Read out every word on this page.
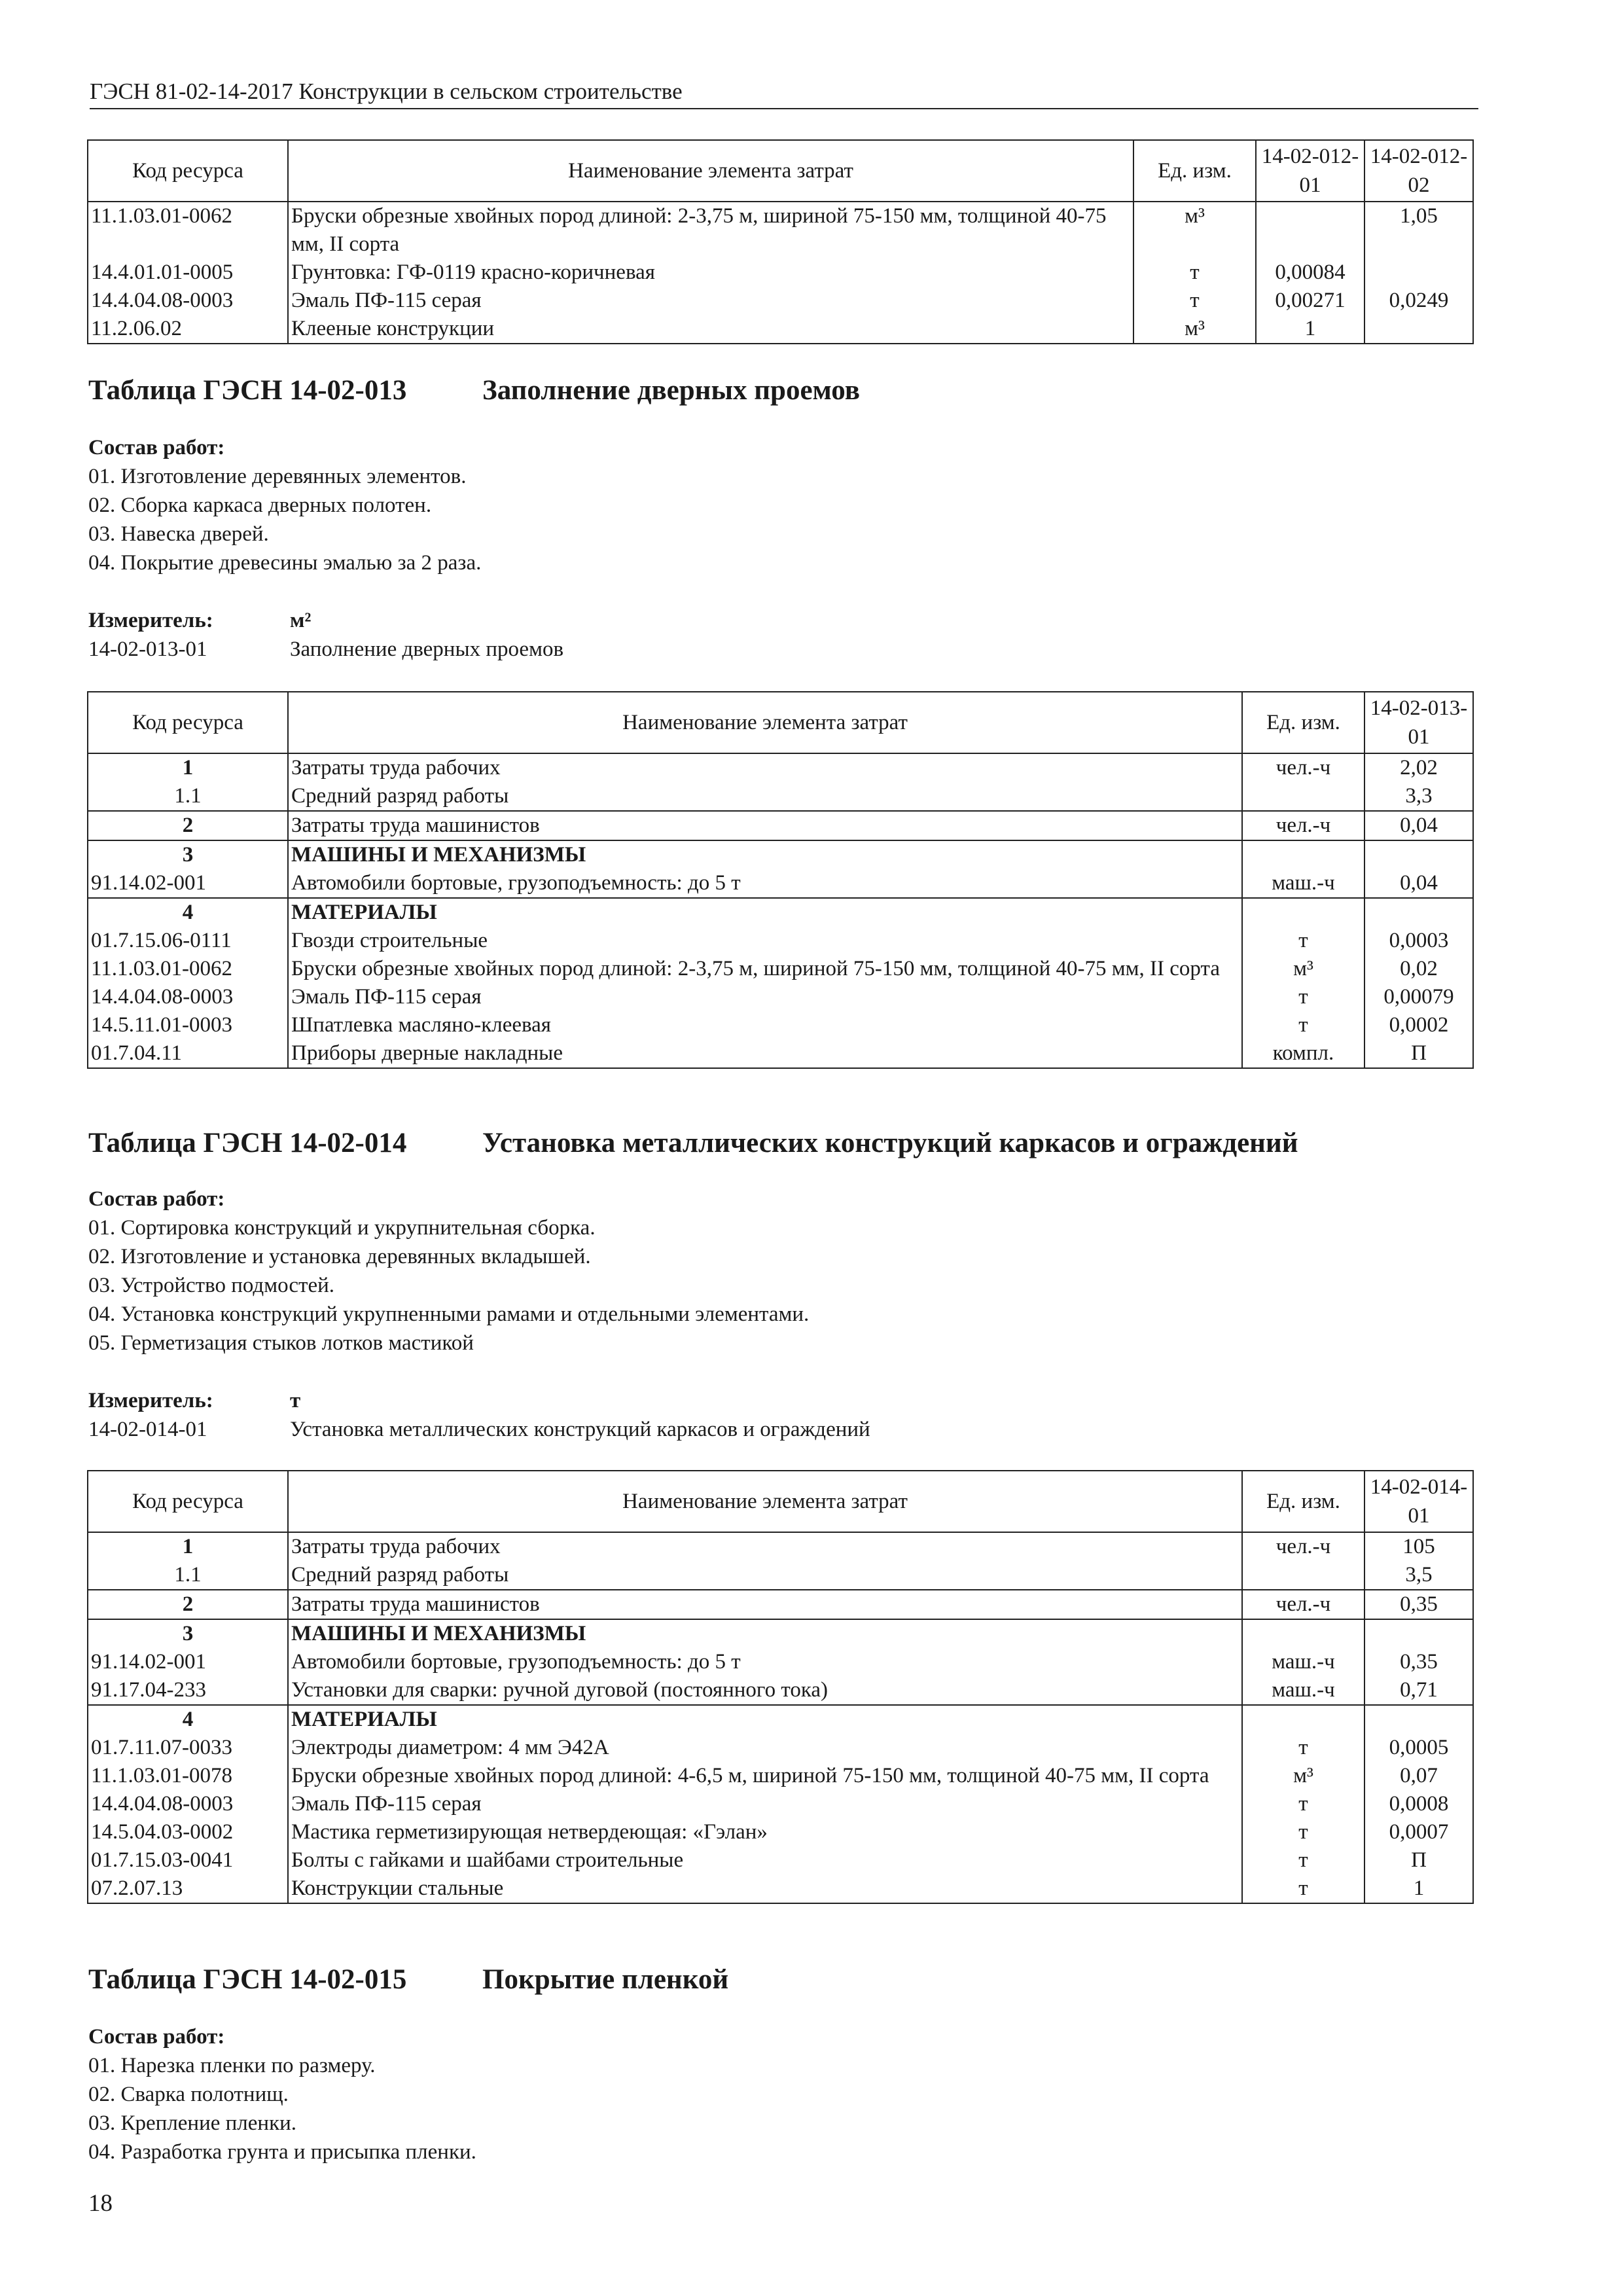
ГЭСН 81-02-14-2017 Конструкции в сельском строительстве
Код ресурса	Наименование элемента затрат	Ед. изм.	14-02-012-01	14-02-012-02
11.1.03.01-0062	Бруски обрезные хвойных пород длиной: 2-3,75 м, шириной 75-150 мм, толщиной 40-75 мм, II сорта	м³		1,05
14.4.01.01-0005	Грунтовка: ГФ-0119 красно-коричневая	т	0,00084	
14.4.04.08-0003	Эмаль ПФ-115 серая	т	0,00271	0,0249
11.2.06.02	Клееные конструкции	м³	1	
Таблица ГЭСН 14-02-013	Заполнение дверных проемов
Состав работ:
01. Изготовление деревянных элементов.
02. Сборка каркаса дверных полотен.
03. Навеска дверей.
04. Покрытие древесины эмалью за 2 раза.
Измеритель:	м²
14-02-013-01	Заполнение дверных проемов
Код ресурса	Наименование элемента затрат	Ед. изм.	14-02-013-01
1	Затраты труда рабочих	чел.-ч	2,02
1.1	Средний разряд работы		3,3
2	Затраты труда машинистов	чел.-ч	0,04
3	МАШИНЫ И МЕХАНИЗМЫ		
91.14.02-001	Автомобили бортовые, грузоподъемность: до 5 т	маш.-ч	0,04
4	МАТЕРИАЛЫ		
01.7.15.06-0111	Гвозди строительные	т	0,0003
11.1.03.01-0062	Бруски обрезные хвойных пород длиной: 2-3,75 м, шириной 75-150 мм, толщиной 40-75 мм, II сорта	м³	0,02
14.4.04.08-0003	Эмаль ПФ-115 серая	т	0,00079
14.5.11.01-0003	Шпатлевка масляно-клеевая	т	0,0002
01.7.04.11	Приборы дверные накладные	компл.	П
Таблица ГЭСН 14-02-014	Установка металлических конструкций каркасов и ограждений
Состав работ:
01. Сортировка конструкций и укрупнительная сборка.
02. Изготовление и установка деревянных вкладышей.
03. Устройство подмостей.
04. Установка конструкций укрупненными рамами и отдельными элементами.
05. Герметизация стыков лотков мастикой
Измеритель:	т
14-02-014-01	Установка металлических конструкций каркасов и ограждений
Код ресурса	Наименование элемента затрат	Ед. изм.	14-02-014-01
1	Затраты труда рабочих	чел.-ч	105
1.1	Средний разряд работы		3,5
2	Затраты труда машинистов	чел.-ч	0,35
3	МАШИНЫ И МЕХАНИЗМЫ		
91.14.02-001	Автомобили бортовые, грузоподъемность: до 5 т	маш.-ч	0,35
91.17.04-233	Установки для сварки: ручной дуговой (постоянного тока)	маш.-ч	0,71
4	МАТЕРИАЛЫ		
01.7.11.07-0033	Электроды диаметром: 4 мм Э42А	т	0,0005
11.1.03.01-0078	Бруски обрезные хвойных пород длиной: 4-6,5 м, шириной 75-150 мм, толщиной 40-75 мм, II сорта	м³	0,07
14.4.04.08-0003	Эмаль ПФ-115 серая	т	0,0008
14.5.04.03-0002	Мастика герметизирующая нетвердеющая: «Гэлан»	т	0,0007
01.7.15.03-0041	Болты с гайками и шайбами строительные	т	П
07.2.07.13	Конструкции стальные	т	1
Таблица ГЭСН 14-02-015	Покрытие пленкой
Состав работ:
01. Нарезка пленки по размеру.
02. Сварка полотнищ.
03. Крепление пленки.
04. Разработка грунта и присыпка пленки.
18
